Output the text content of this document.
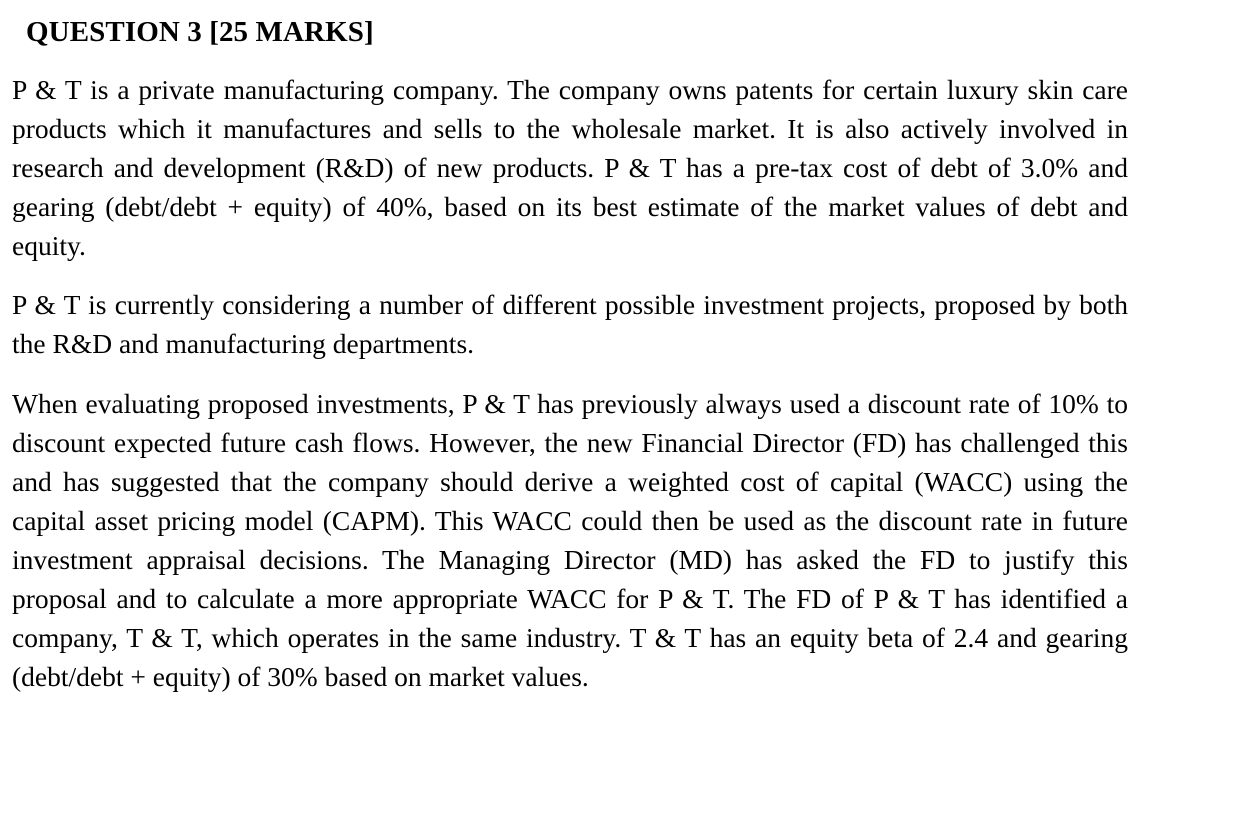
QUESTION 3 [25 MARKS]

P & T is a private manufacturing company. The company owns patents for certain luxury skin care products which it manufactures and sells to the wholesale market. It is also actively involved in research and development (R&D) of new products. P & T has a pre-tax cost of debt of 3.0% and gearing (debt/debt + equity) of 40%, based on its best estimate of the market values of debt and equity.

P & T is currently considering a number of different possible investment projects, proposed by both the R&D and manufacturing departments.

When evaluating proposed investments, P & T has previously always used a discount rate of 10% to discount expected future cash flows. However, the new Financial Director (FD) has challenged this and has suggested that the company should derive a weighted cost of capital (WACC) using the capital asset pricing model (CAPM). This WACC could then be used as the discount rate in future investment appraisal decisions. The Managing Director (MD) has asked the FD to justify this proposal and to calculate a more appropriate WACC for P & T. The FD of P & T has identified a company, T & T, which operates in the same industry. T & T has an equity beta of 2.4 and gearing (debt/debt + equity) of 30% based on market values.
